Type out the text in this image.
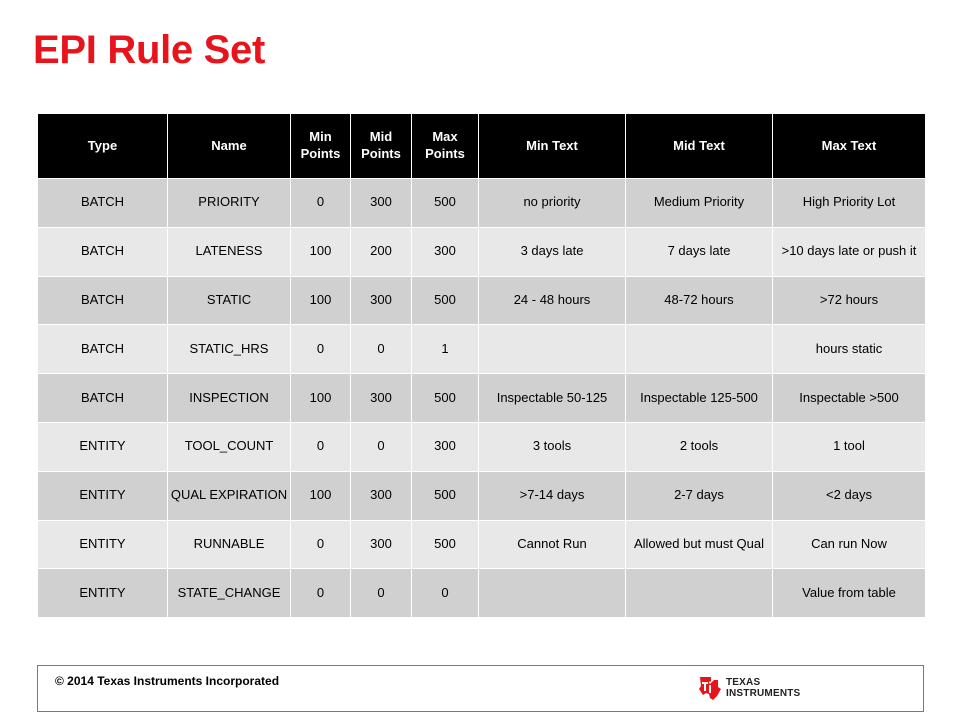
EPI Rule Set
Type	Name	Min Points	Mid Points	Max Points	Min Text	Mid Text	Max Text
BATCH	PRIORITY	0	300	500	no priority	Medium Priority	High Priority Lot
BATCH	LATENESS	100	200	300	3 days late	7 days late	>10 days late or push it
BATCH	STATIC	100	300	500	24 - 48 hours	48-72 hours	>72 hours
BATCH	STATIC_HRS	0	0	1			hours static
BATCH	INSPECTION	100	300	500	Inspectable 50-125	Inspectable 125-500	Inspectable >500
ENTITY	TOOL_COUNT	0	0	300	3 tools	2 tools	1 tool
ENTITY	QUAL EXPIRATION	100	300	500	>7-14 days	2-7 days	<2 days
ENTITY	RUNNABLE	0	300	500	Cannot Run	Allowed but must Qual	Can run Now
ENTITY	STATE_CHANGE	0	0	0			Value from table
© 2014 Texas Instruments Incorporated	TEXAS
INSTRUMENTS
